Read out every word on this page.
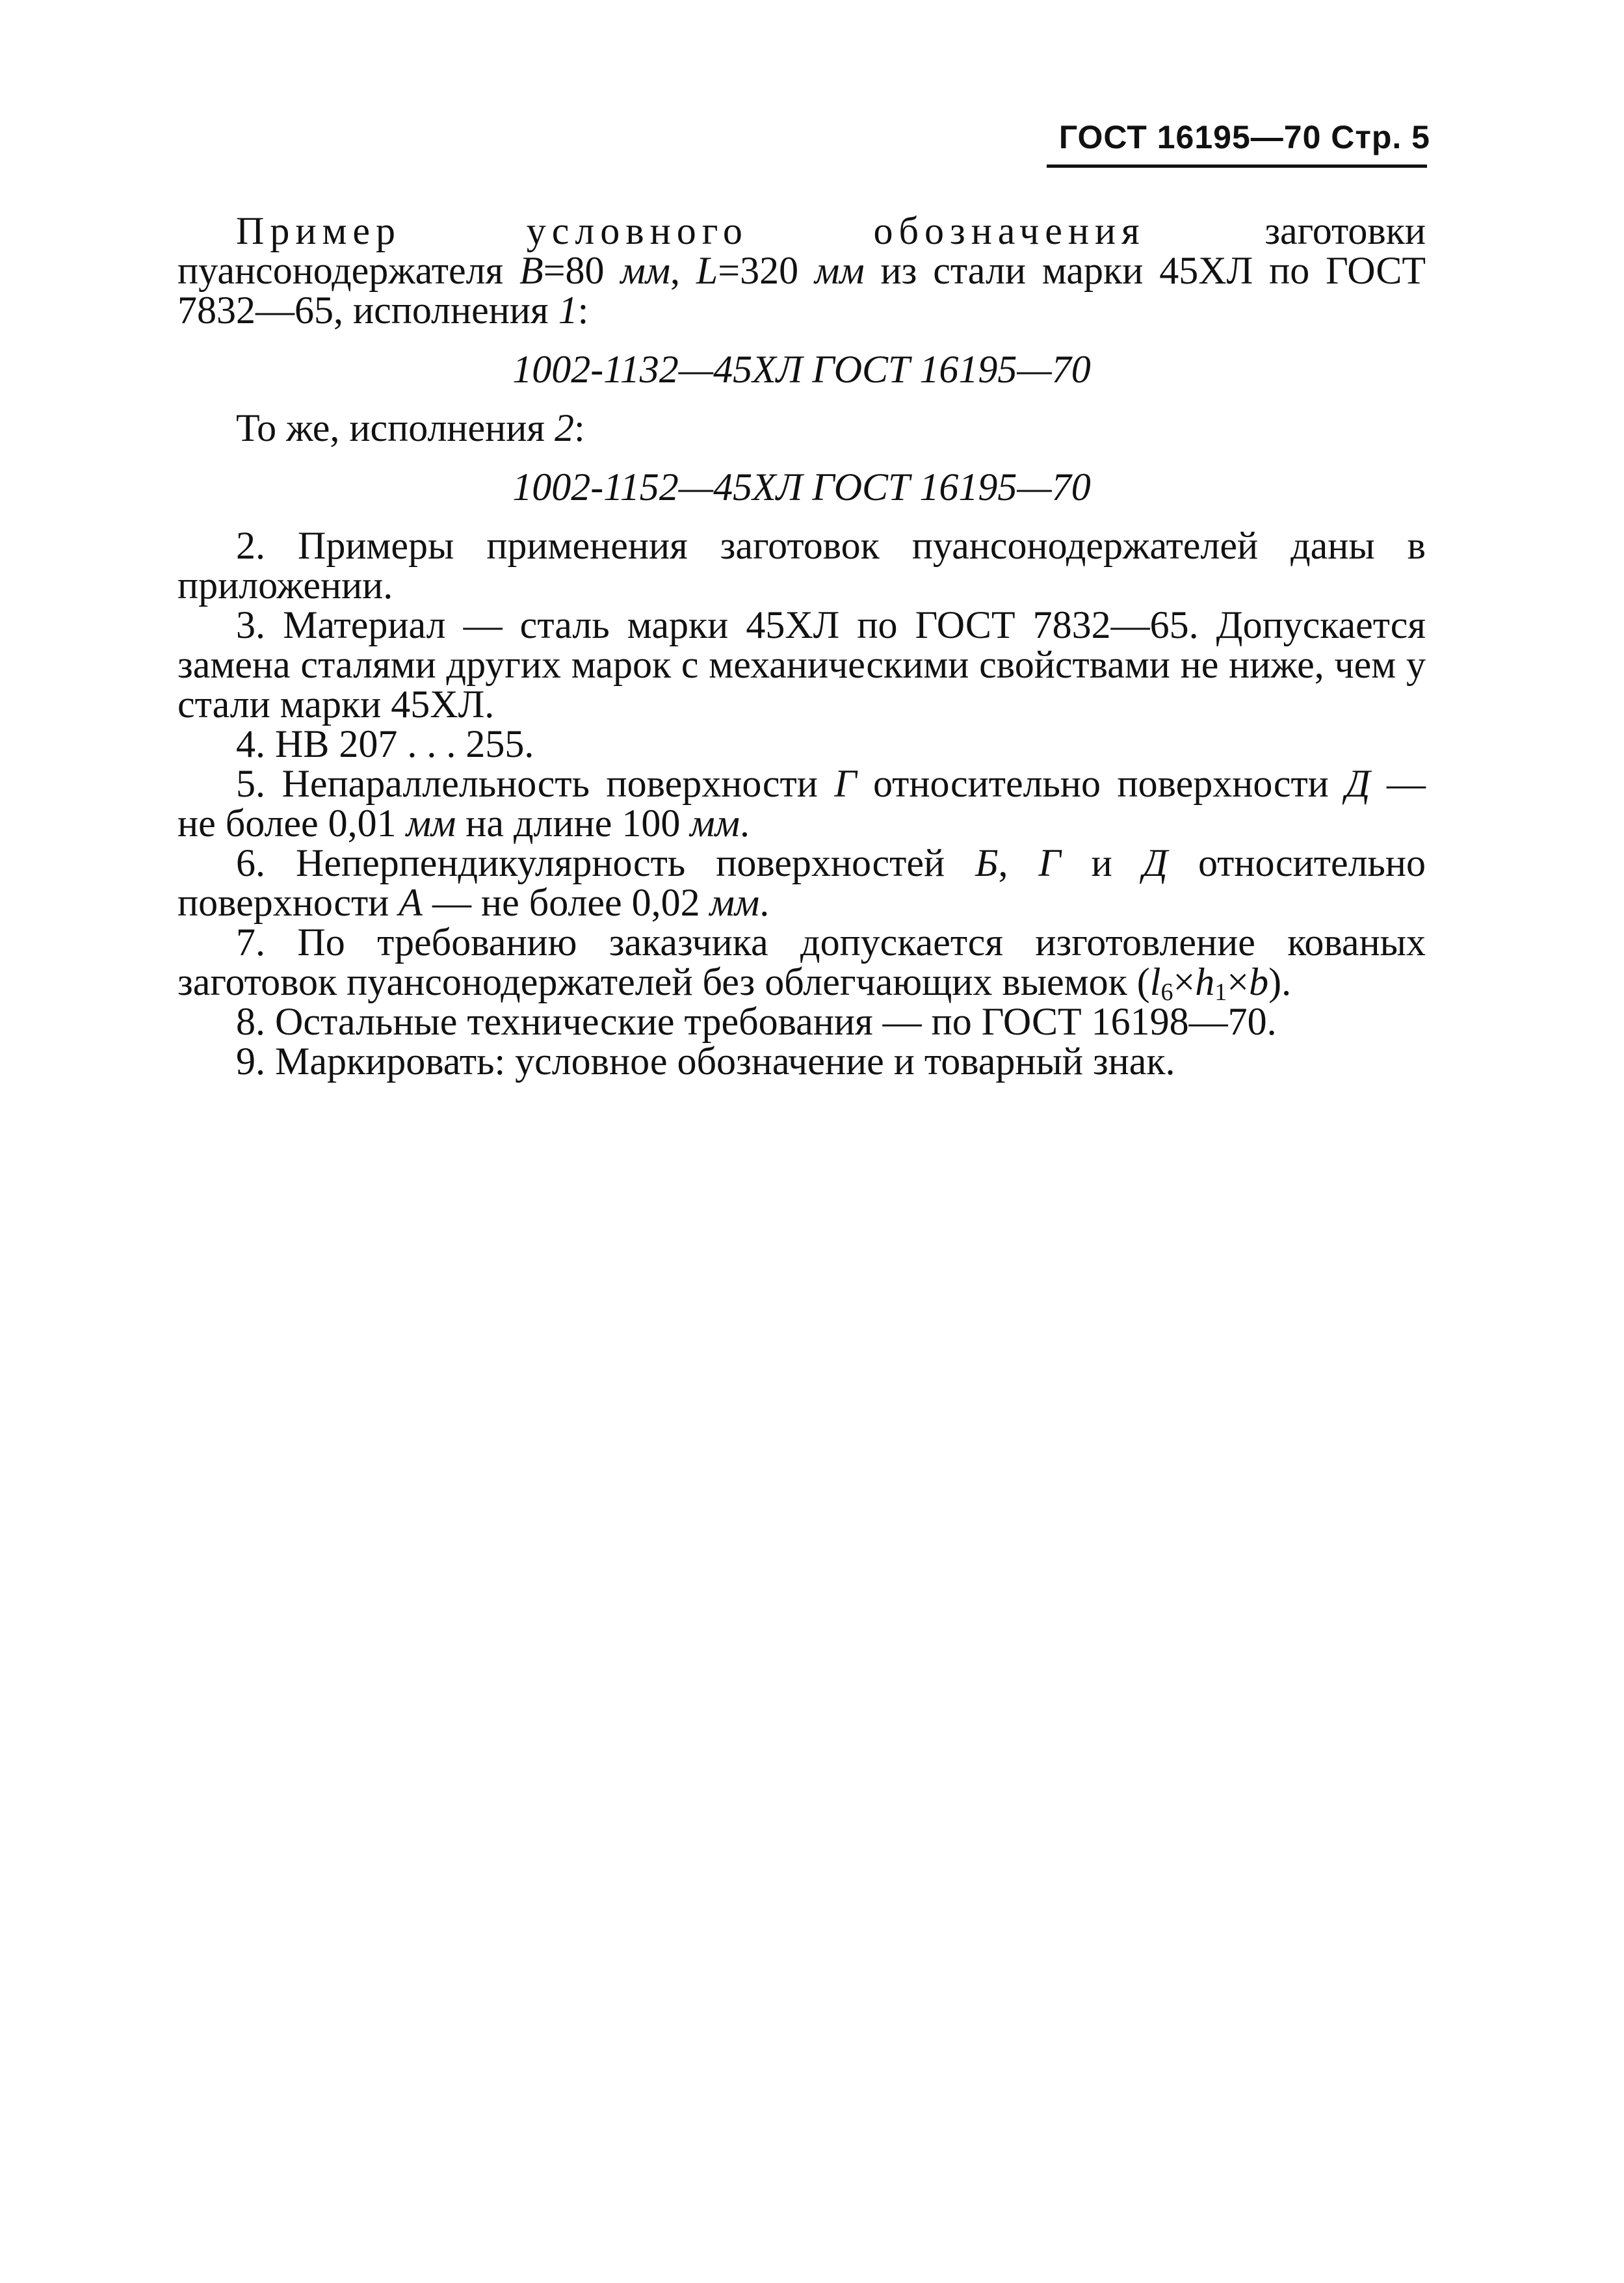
ГОСТ 16195—70 Стр. 5

Пример условного обозначения заготовки пуансонодержателя B=80 мм, L=320 мм из стали марки 45ХЛ по ГОСТ 7832—65, исполнения 1:

1002-1132—45ХЛ ГОСТ 16195—70

То же, исполнения 2:

1002-1152—45ХЛ ГОСТ 16195—70

2. Примеры применения заготовок пуансонодержателей даны в приложении.

3. Материал — сталь марки 45ХЛ по ГОСТ 7832—65. Допускается замена сталями других марок с механическими свойствами не ниже, чем у стали марки 45ХЛ.

4. НВ 207 . . . 255.

5. Непараллельность поверхности Г относительно поверхности Д — не более 0,01 мм на длине 100 мм.

6. Неперпендикулярность поверхностей Б, Г и Д относительно поверхности А — не более 0,02 мм.

7. По требованию заказчика допускается изготовление кованых заготовок пуансонодержателей без облегчающих выемок $(l_6\times h_1\times b)$.

8. Остальные технические требования — по ГОСТ 16198—70.

9. Маркировать: условное обозначение и товарный знак.
